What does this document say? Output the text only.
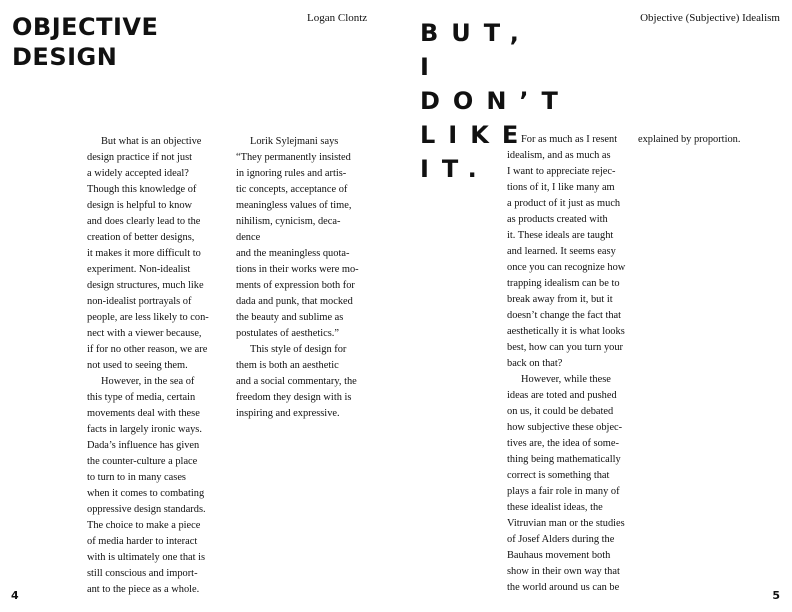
OBJECTIVE
DESIGN
Logan Clontz
But what is an objective
design practice if not just
a widely accepted ideal?
Though this knowledge of
design is helpful to know
and does clearly lead to the
creation of better designs,
it makes it more difficult to
experiment. Non-idealist
design structures, much like
non-idealist portrayals of
people, are less likely to con-
nect with a viewer because,
if for no other reason, we are
not used to seeing them.
However, in the sea of
this type of media, certain
movements deal with these
facts in largely ironic ways.
Dada’s influence has given
the counter-culture a place
to turn to in many cases
when it comes to combating
oppressive design standards.
The choice to make a piece
of media harder to interact
with is ultimately one that is
still conscious and import-
ant to the piece as a whole.
Lorik Sylejmani says
“They permanently insisted
in ignoring rules and artis-
tic concepts, acceptance of
meaningless values of time,
nihilism, cynicism, deca-
dence
and the meaningless quota-
tions in their works were mo-
ments of expression both for
dada and punk, that mocked
the beauty and sublime as
postulates of aesthetics.”
This style of design for
them is both an aesthetic
and a social commentary, the
freedom they design with is
inspiring and expressive.
4
Objective (Subjective) Idealism
BUT,
I
DON’T
LIKE
IT.
For as much as I resent
idealism, and as much as
I want to appreciate rejec-
tions of it, I like many am
a product of it just as much
as products created with
it. These ideals are taught
and learned. It seems easy
once you can recognize how
trapping idealism can be to
break away from it, but it
doesn’t change the fact that
aesthetically it is what looks
best, how can you turn your
back on that?
However, while these
ideas are toted and pushed
on us, it could be debated
how subjective these objec-
tives are, the idea of some-
thing being mathematically
correct is something that
plays a fair role in many of
these idealist ideas, the
Vitruvian man or the studies
of Josef Alders during the
Bauhaus movement both
show in their own way that
the world around us can be
explained by proportion.
5
